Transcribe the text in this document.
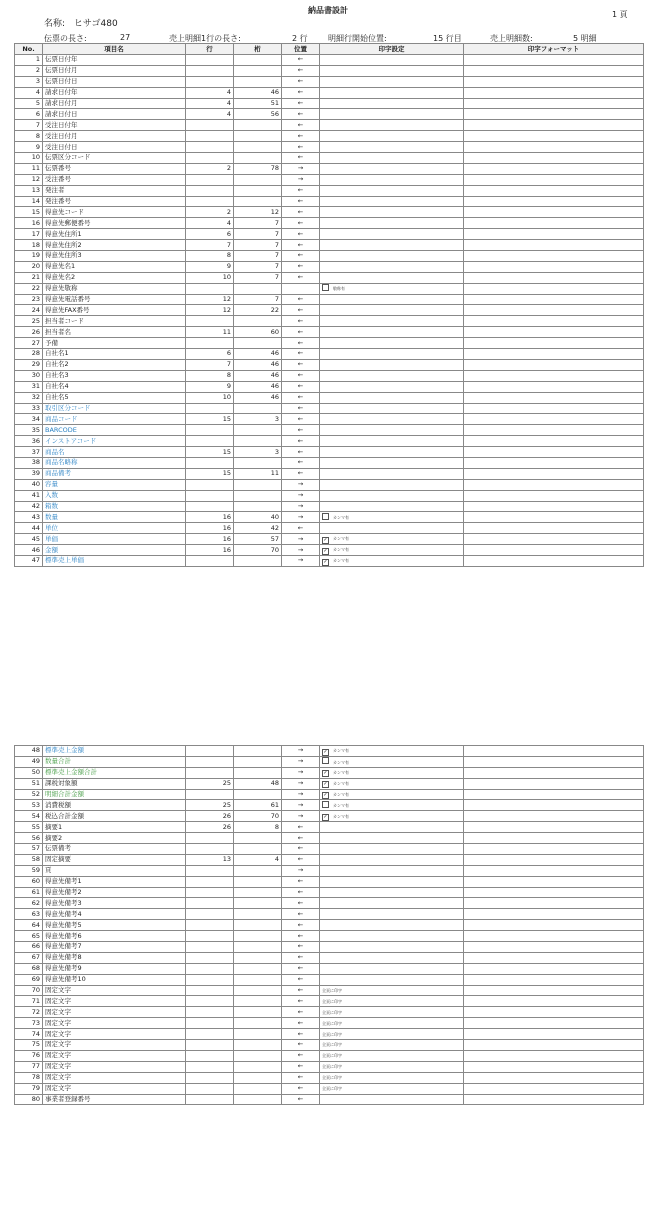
納品書設計	1 頁
名称: ヒサゴ480
伝票の長さ:	27	売上明細1行の長さ:	2 行	明細行開始位置:	15 行目	売上明細数:	5 明細
No.	項目名	行	桁	位置	印字設定	印字フォーマット
1	伝票日付年			←		
2	伝票日付月			←		
3	伝票日付日			←		
4	請求日付年	4	46	←		
5	請求日付月	4	51	←		
6	請求日付日	4	56	←		
7	受注日付年			←		
8	受注日付月			←		
9	受注日付日			←		
10	伝票区分コード			←		
11	伝票番号	2	78	→		
12	受注番号			→		
13	発注者			←		
14	発注番号			←		
15	得意先コード	2	12	←		
16	得意先郵便番号	4	7	←		
17	得意先住所1	6	7	←		
18	得意先住所2	7	7	←		
19	得意先住所3	8	7	←		
20	得意先名1	9	7	←		
21	得意先名2	10	7	←		
22	得意先敬称				敬称有	
23	得意先電話番号	12	7	←		
24	得意先FAX番号	12	22	←		
25	担当者コード			←		
26	担当者名	11	60	←		
27	予備			←		
28	自社名1	6	46	←		
29	自社名2	7	46	←		
30	自社名3	8	46	←		
31	自社名4	9	46	←		
32	自社名5	10	46	←		
33	取引区分コード			←		
34	商品コード	15	3	←		
35	BARCODE			←		
36	インストアコード			←		
37	商品名	15	3	←		
38	商品名略称			←		
39	商品備考	15	11	←		
40	容量			→		
41	入数			→		
42	箱数			→		
43	数量	16	40	→	カンマ有	
44	単位	16	42	←		
45	単価	16	57	→	✓ カンマ有	
46	金額	16	70	→	✓ カンマ有	
47	標準売上単価			→	✓ カンマ有	
48	標準売上金額			→	✓ カンマ有	
49	数量合計			→	カンマ有	
50	標準売上金額合計			→	✓ カンマ有	
51	課税対象額	25	48	→	✓ カンマ有	
52	明細合計金額			→	✓ カンマ有	
53	消費税額	25	61	→	カンマ有	
54	税込合計金額	26	70	→	✓ カンマ有	
55	摘要1	26	8	←		
56	摘要2			←		
57	伝票備考			←		
58	固定摘要	13	4	←		
59	頁			→		
60	得意先備考1			←		
61	得意先備考2			←		
62	得意先備考3			←		
63	得意先備考4			←		
64	得意先備考5			←		
65	得意先備考6			←		
66	得意先備考7			←		
67	得意先備考8			←		
68	得意先備考9			←		
69	得意先備考10			←		
70	固定文字			←	全頁に印字	
71	固定文字			←	全頁に印字	
72	固定文字			←	全頁に印字	
73	固定文字			←	全頁に印字	
74	固定文字			←	全頁に印字	
75	固定文字			←	全頁に印字	
76	固定文字			←	全頁に印字	
77	固定文字			←	全頁に印字	
78	固定文字			←	全頁に印字	
79	固定文字			←	全頁に印字	
80	事業者登録番号			←		
